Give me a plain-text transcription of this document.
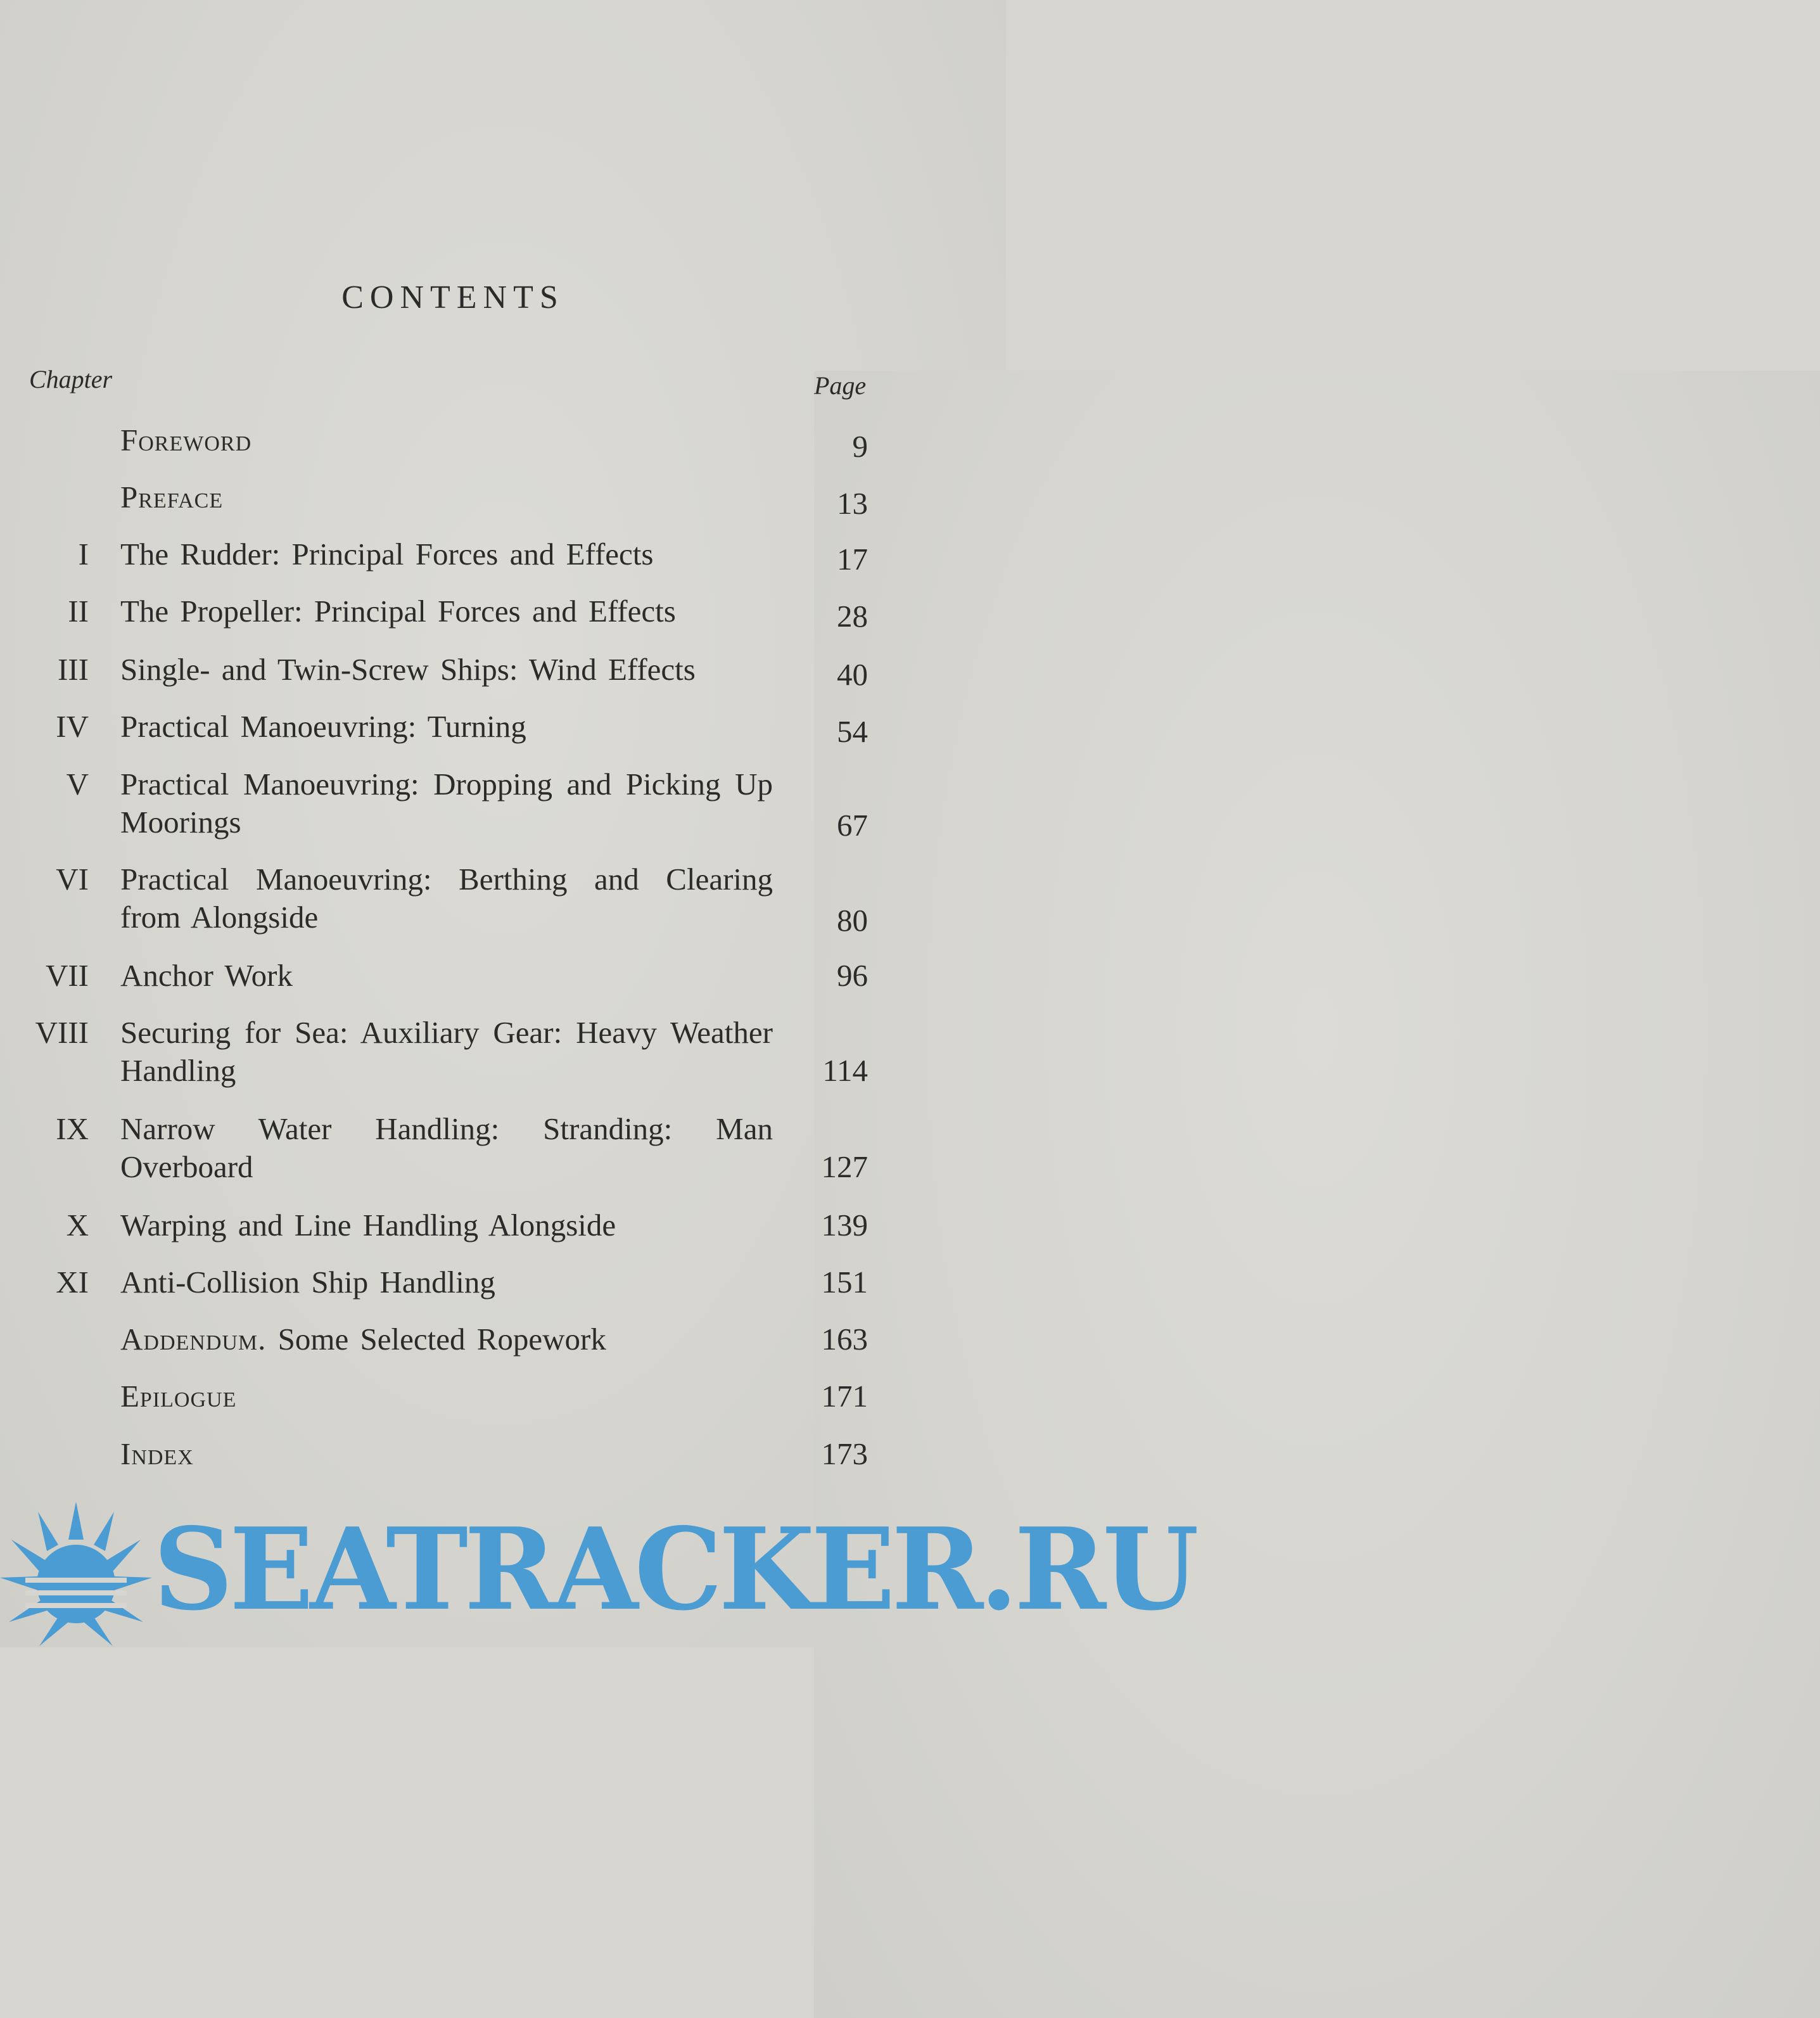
CONTENTS
Chapter	Page
Foreword	9
Preface	13
I The Rudder: Principal Forces and Effects	17
II The Propeller: Principal Forces and Effects	28
III Single- and Twin-Screw Ships: Wind Effects	40
IV Practical Manoeuvring: Turning	54
V Practical Manoeuvring: Dropping and Picking Up Moorings	67
VI Practical Manoeuvring: Berthing and Clearing from Alongside	80
VII Anchor Work	96
VIII Securing for Sea: Auxiliary Gear: Heavy Weather Handling	114
IX Narrow Water Handling: Stranding: Man Overboard	127
X Warping and Line Handling Alongside	139
XI Anti-Collision Ship Handling	151
Addendum. Some Selected Ropework	163
Epilogue	171
Index	173
SEATRACKER.RU
